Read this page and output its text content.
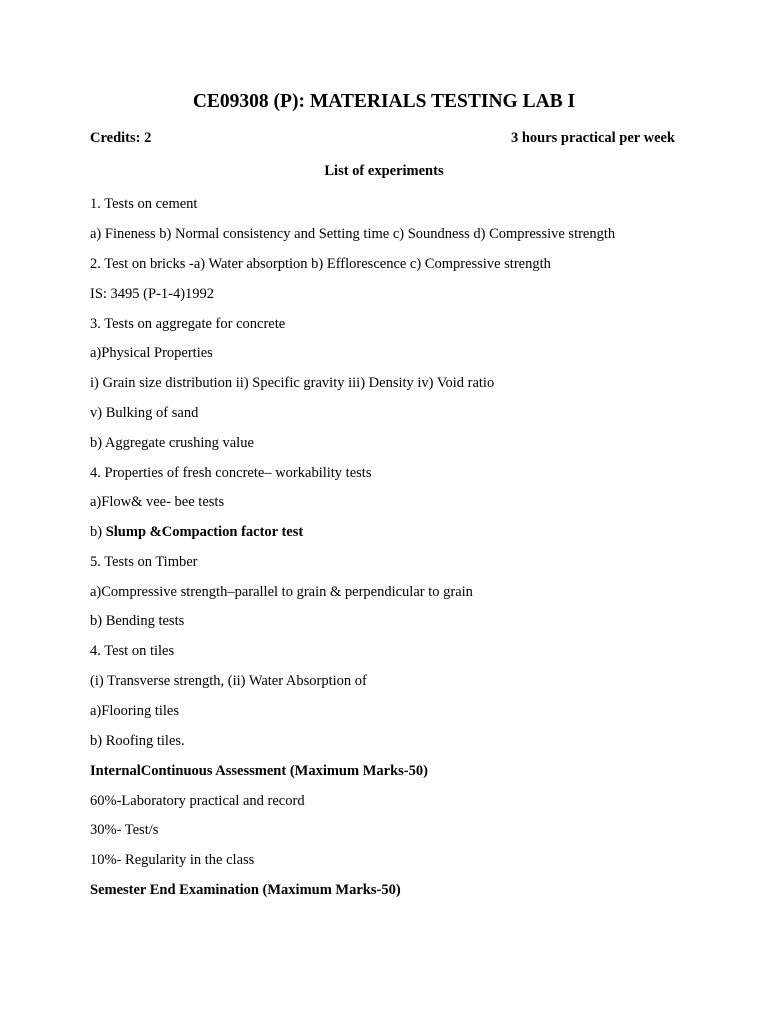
CE09308 (P): MATERIALS TESTING LAB I
Credits: 2	3 hours practical per week
List of experiments
1. Tests on cement
a) Fineness b) Normal consistency and Setting time c) Soundness d) Compressive strength
2. Test on bricks -a) Water absorption b) Efflorescence c) Compressive strength
IS: 3495 (P-1-4)1992
3. Tests on aggregate for concrete
a)Physical Properties
i) Grain size distribution ii) Specific gravity iii) Density iv) Void ratio
v) Bulking of sand
b) Aggregate crushing value
4. Properties of fresh concrete– workability tests
a)Flow& vee- bee tests
b) Slump &Compaction factor test
5. Tests on Timber
a)Compressive strength–parallel to grain & perpendicular to grain
b) Bending tests
4. Test on tiles
(i) Transverse strength, (ii) Water Absorption of
a)Flooring tiles
b) Roofing tiles.
InternalContinuous Assessment (Maximum Marks-50)
60%-Laboratory practical and record
30%- Test/s
10%- Regularity in the class
Semester End Examination (Maximum Marks-50)
